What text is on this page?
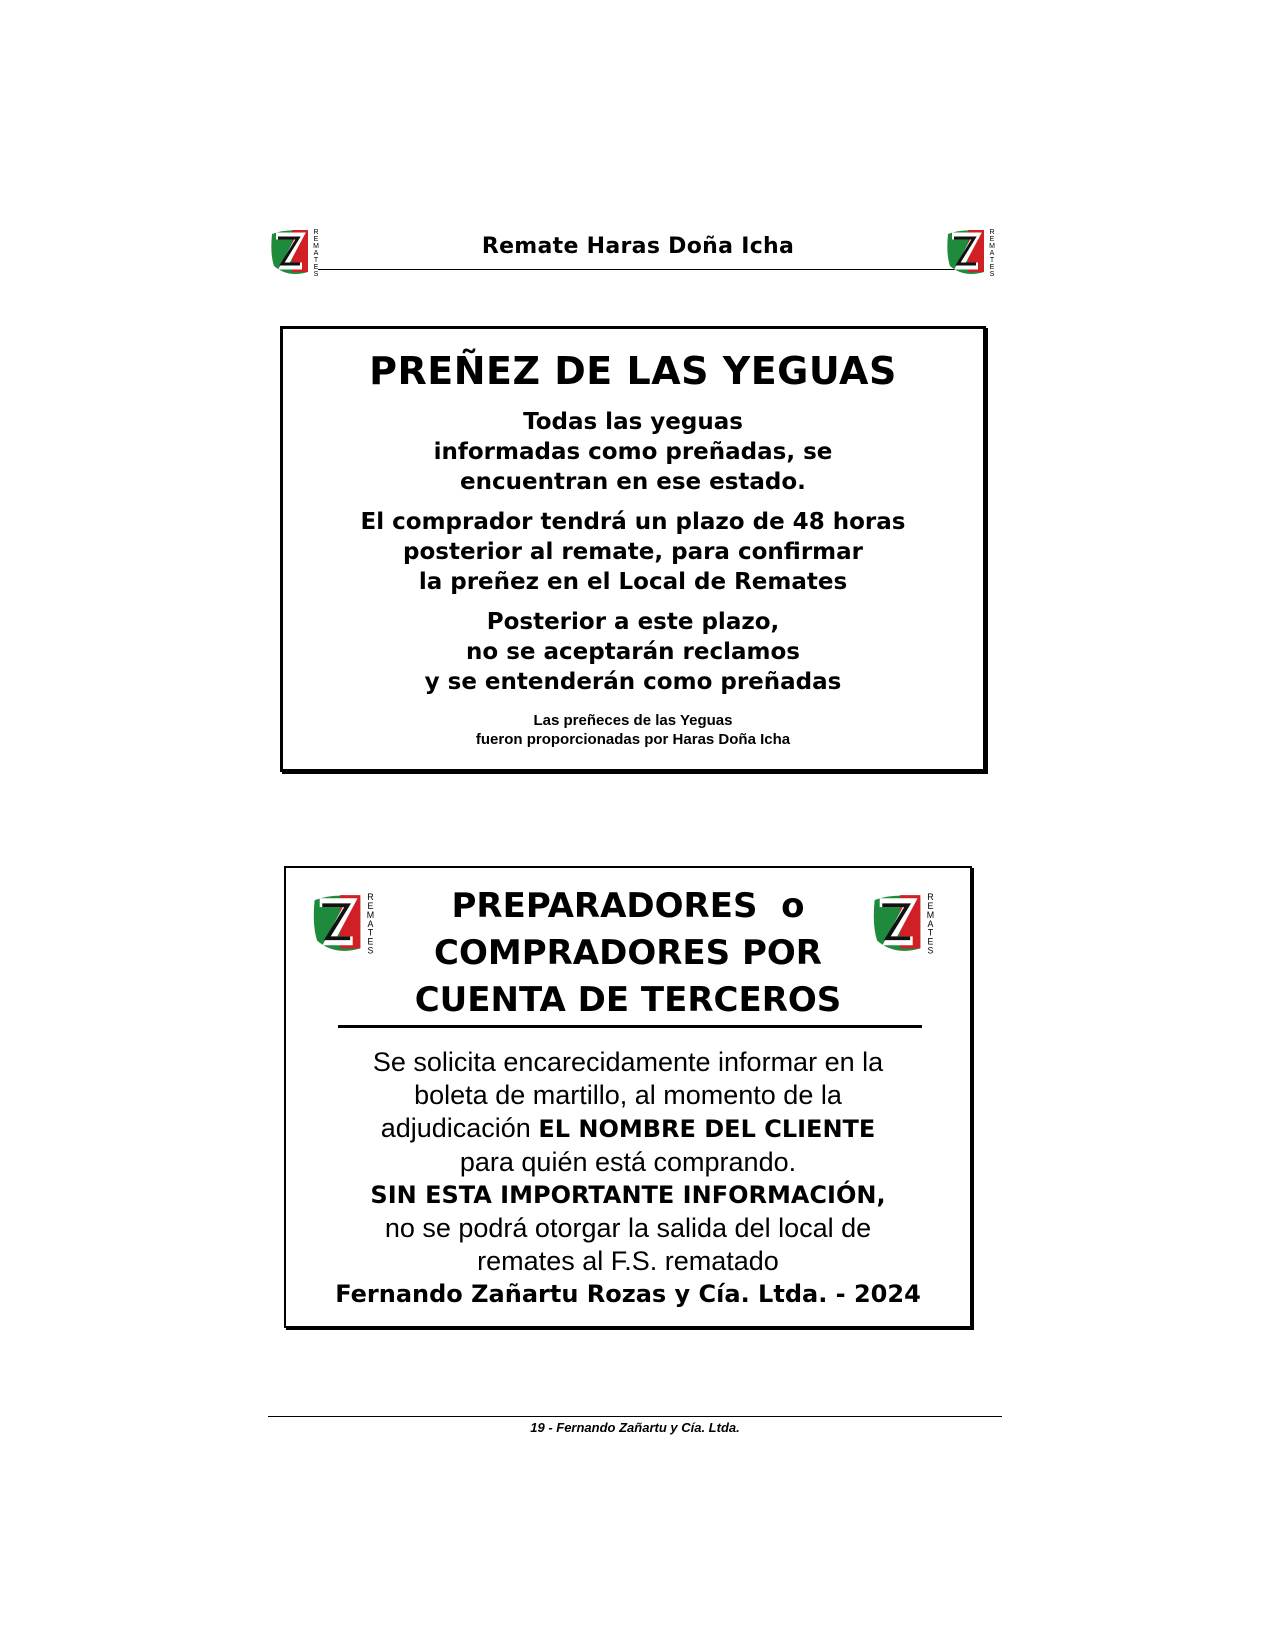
R
E
M
A
T
E
S
Remate Haras Doña Icha
R
E
M
A
T
E
S
PREÑEZ DE LAS YEGUAS
Todas las yeguas
informadas como preñadas, se
encuentran en ese estado.
El comprador tendrá un plazo de 48 horas
posterior al remate, para confirmar
la preñez en el Local de Remates
Posterior a este plazo,
no se aceptarán reclamos
y se entenderán como preñadas
Las preñeces de las Yeguas
fueron proporcionadas por Haras Doña Icha
R
E
M
A
T
E
S
R
E
M
A
T
E
S
PREPARADORES  o
COMPRADORES POR
CUENTA DE TERCEROS
Se solicita encarecidamente informar en la
boleta de martillo, al momento de la
adjudicación EL NOMBRE DEL CLIENTE
para quién está comprando.
SIN ESTA IMPORTANTE INFORMACIÓN,
no se podrá otorgar la salida del local de
remates al F.S. rematado
Fernando Zañartu Rozas y Cía. Ltda. - 2024
19 - Fernando Zañartu y Cía. Ltda.
